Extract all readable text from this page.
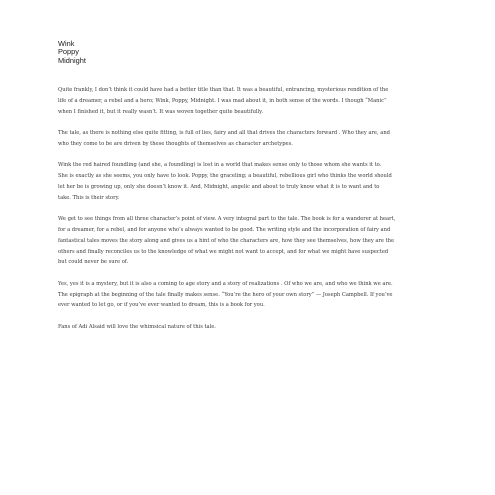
Wink
Poppy
Midnight

Quite frankly, I don’t think it could have had a better title than that. It was a beautiful, entrancing, mysterious rendition of the
life of a dreamer, a rebel and a hero; Wink, Poppy, Midnight. I was mad about it, in both sense of the words. I though “Manic”
when I finished it, but it really wasn’t. It was woven together quite beautifully.

The tale, as there is nothing else quite fitting, is full of lies, fairy and all that drives the characters forward . Who they are, and
who they come to be are driven by these thoughts of themselves as character archetypes.

Wink the red haired foundling (and she, a foundling) is lost in a world that makes sense only to those whom she wants it to.
She is exactly as she seems, you only have to look. Poppy, the graceling; a beautiful, rebellious girl who thinks the world should
let her be is growing up, only she doesn’t know it. And, Midnight, angelic and about to truly know what it is to want and to
take. This is their story.

We get to see things from all three character’s point of view. A very integral part to the tale. The book is for a wanderer at heart,
for a dreamer, for a rebel, and for anyone who’s always wanted to be good. The writing style and the incorporation of fairy and
fantastical tales moves the story along and gives us a hint of who the characters are, how they see themselves, how they are the
others and finally reconciles us to the knowledge of what we might not want to accept, and for what we might have suspected
but could never be sure of.

Yes, yes it is a mystery, but it is also a coming to age story and a story of realizations . Of who we are, and who we think we are.
The epigraph at the beginning of the tale finally makes sense. “You’re the hero of your own story” — Joseph Campbell. If you’ve
ever wanted to let go, or if you’ve ever wanted to dream, this is a book for you.

Fans of Adi Alsaid will love the whimsical nature of this tale.
